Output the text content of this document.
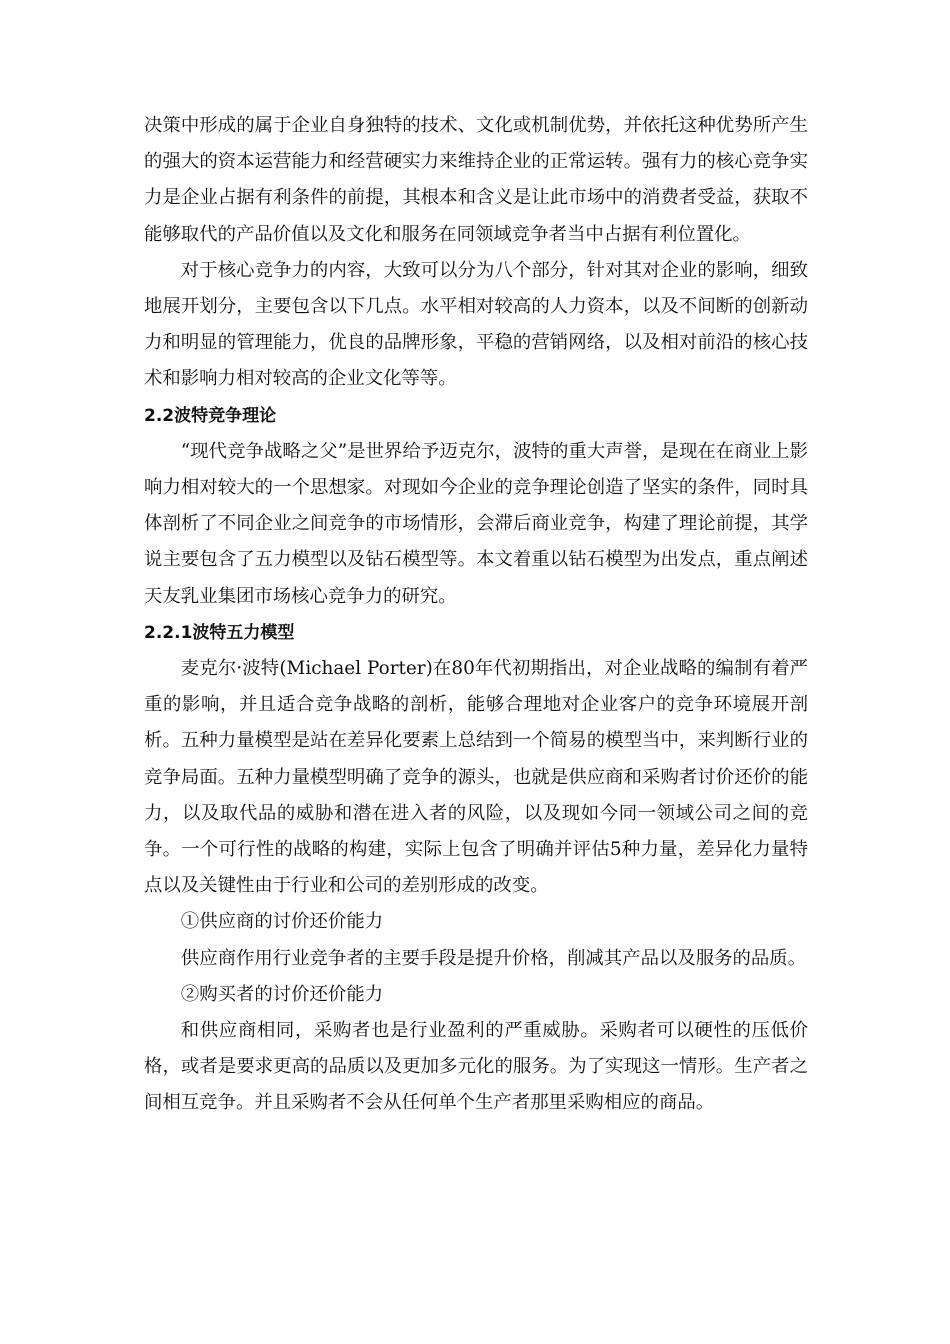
决策中形成的属于企业自身独特的技术、文化或机制优势，并依托这种优势所产生的强大的资本运营能力和经营硬实力来维持企业的正常运转。强有力的核心竞争实力是企业占据有利条件的前提，其根本和含义是让此市场中的消费者受益，获取不能够取代的产品价值以及文化和服务在同领域竞争者当中占据有利位置化。

对于核心竞争力的内容，大致可以分为八个部分，针对其对企业的影响，细致地展开划分，主要包含以下几点。水平相对较高的人力资本，以及不间断的创新动力和明显的管理能力，优良的品牌形象，平稳的营销网络，以及相对前沿的核心技术和影响力相对较高的企业文化等等。

2.2波特竞争理论

“现代竞争战略之父”是世界给予迈克尔，波特的重大声誉，是现在在商业上影响力相对较大的一个思想家。对现如今企业的竞争理论创造了坚实的条件，同时具体剖析了不同企业之间竞争的市场情形，会滞后商业竞争，构建了理论前提，其学说主要包含了五力模型以及钻石模型等。本文着重以钻石模型为出发点，重点阐述天友乳业集团市场核心竞争力的研究。

2.2.1波特五力模型

麦克尔·波特(Michael Porter)在80年代初期指出，对企业战略的编制有着严重的影响，并且适合竞争战略的剖析，能够合理地对企业客户的竞争环境展开剖析。五种力量模型是站在差异化要素上总结到一个简易的模型当中，来判断行业的竞争局面。五种力量模型明确了竞争的源头，也就是供应商和采购者讨价还价的能力，以及取代品的威胁和潜在进入者的风险，以及现如今同一领域公司之间的竞争。一个可行性的战略的构建，实际上包含了明确并评估5种力量，差异化力量特点以及关键性由于行业和公司的差别形成的改变。

①供应商的讨价还价能力

供应商作用行业竞争者的主要手段是提升价格，削减其产品以及服务的品质。

②购买者的讨价还价能力

和供应商相同，采购者也是行业盈利的严重威胁。采购者可以硬性的压低价格，或者是要求更高的品质以及更加多元化的服务。为了实现这一情形。生产者之间相互竞争。并且采购者不会从任何单个生产者那里采购相应的商品。
